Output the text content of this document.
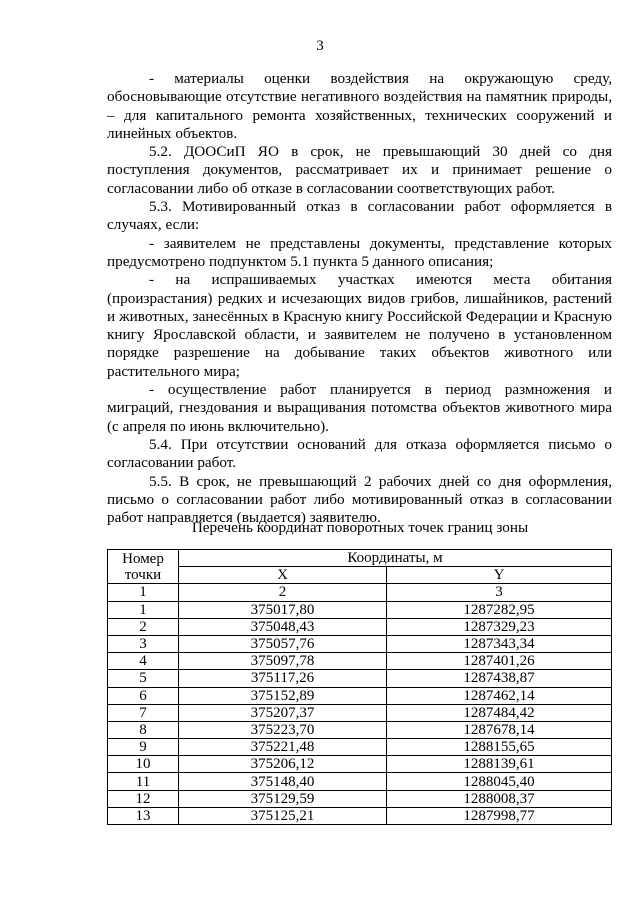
3

- материалы оценки воздействия на окружающую среду, обосновывающие отсутствие негативного воздействия на памятник природы, – для капитального ремонта хозяйственных, технических сооружений и линейных объектов.

5.2. ДООСиП ЯО в срок, не превышающий 30 дней со дня поступления документов, рассматривает их и принимает решение о согласовании либо об отказе в согласовании соответствующих работ.

5.3. Мотивированный отказ в согласовании работ оформляется в случаях, если:

- заявителем не представлены документы, представление которых предусмотрено подпунктом 5.1 пункта 5 данного описания;

- на испрашиваемых участках имеются места обитания (произрастания) редких и исчезающих видов грибов, лишайников, растений и животных, занесённых в Красную книгу Российской Федерации и Красную книгу Ярославской области, и заявителем не получено в установленном порядке разрешение на добывание таких объектов животного или растительного мира;

- осуществление работ планируется в период размножения и миграций, гнездования и выращивания потомства объектов животного мира (с апреля по июнь включительно).

5.4. При отсутствии оснований для отказа оформляется письмо о согласовании работ.

5.5. В срок, не превышающий 2 рабочих дней со дня оформления, письмо о согласовании работ либо мотивированный отказ в согласовании работ направляется (выдается) заявителю.

Перечень координат поворотных точек границ зоны
Номер
точки	Координаты, м	
	X	Y
1	2	3
1	375017,80	1287282,95
2	375048,43	1287329,23
3	375057,76	1287343,34
4	375097,78	1287401,26
5	375117,26	1287438,87
6	375152,89	1287462,14
7	375207,37	1287484,42
8	375223,70	1287678,14
9	375221,48	1288155,65
10	375206,12	1288139,61
11	375148,40	1288045,40
12	375129,59	1288008,37
13	375125,21	1287998,77
